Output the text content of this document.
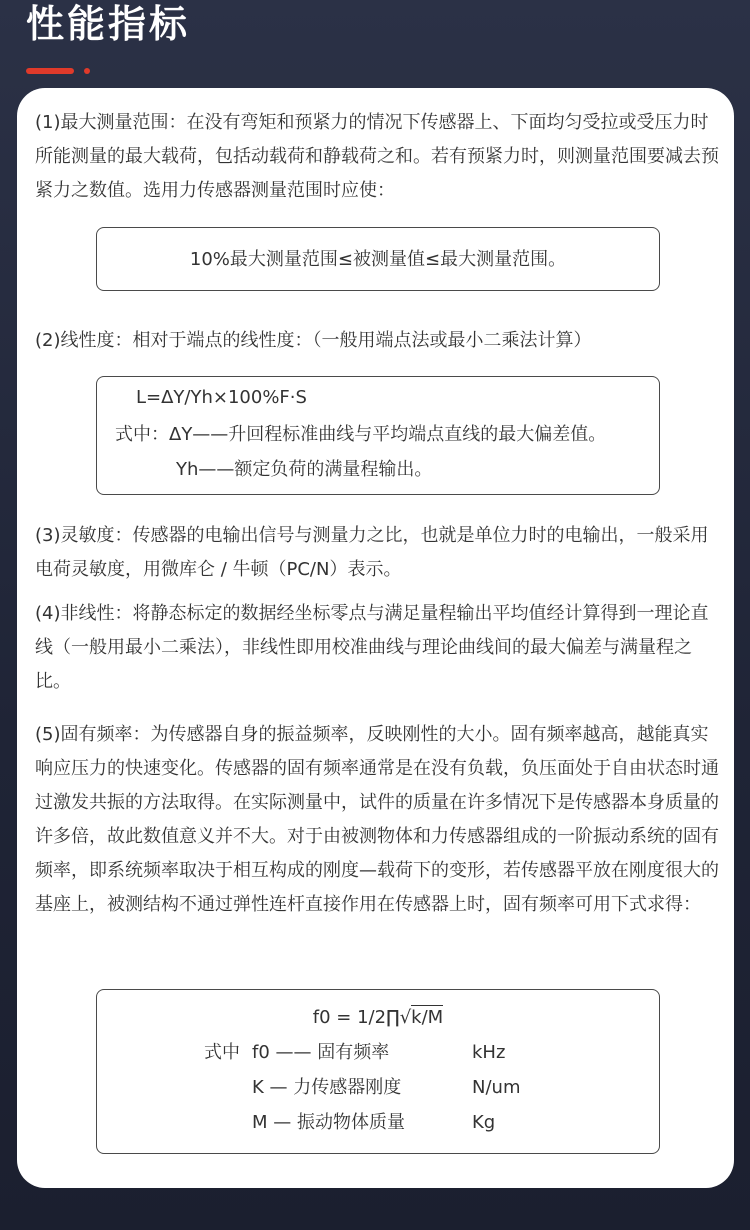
性能指标
(1)最大测量范围：在没有弯矩和预紧力的情况下传感器上、下面均匀受拉或受压力时所能测量的最大载荷，包括动载荷和静载荷之和。若有预紧力时，则测量范围要减去预紧力之数值。选用力传感器测量范围时应使：
10%最大测量范围≤被测量值≤最大测量范围。
(2)线性度：相对于端点的线性度：（一般用端点法或最小二乘法计算）
L=ΔY/Yh×100%F·S
式中：ΔY——升回程标准曲线与平均端点直线的最大偏差值。
Yh——额定负荷的满量程输出。
(3)灵敏度：传感器的电输出信号与测量力之比，也就是单位力时的电输出，一般采用电荷灵敏度，用微库仑 / 牛顿（PC/N）表示。
(4)非线性：将静态标定的数据经坐标零点与满足量程输出平均值经计算得到一理论直线（一般用最小二乘法），非线性即用校准曲线与理论曲线间的最大偏差与满量程之比。
(5)固有频率：为传感器自身的振益频率，反映刚性的大小。固有频率越高，越能真实响应压力的快速变化。传感器的固有频率通常是在没有负载，负压面处于自由状态时通过激发共振的方法取得。在实际测量中，试件的质量在许多情况下是传感器本身质量的许多倍，故此数值意义并不大。对于由被测物体和力传感器组成的一阶振动系统的固有频率，即系统频率取决于相互构成的刚度—载荷下的变形，若传感器平放在刚度很大的基座上，被测结构不通过弹性连杆直接作用在传感器上时，固有频率可用下式求得：
f0 = 1/2∏√k/M
式中 f0 —— 固有频率	kHz
K — 力传感器刚度	N/um
M — 振动物体质量	Kg
